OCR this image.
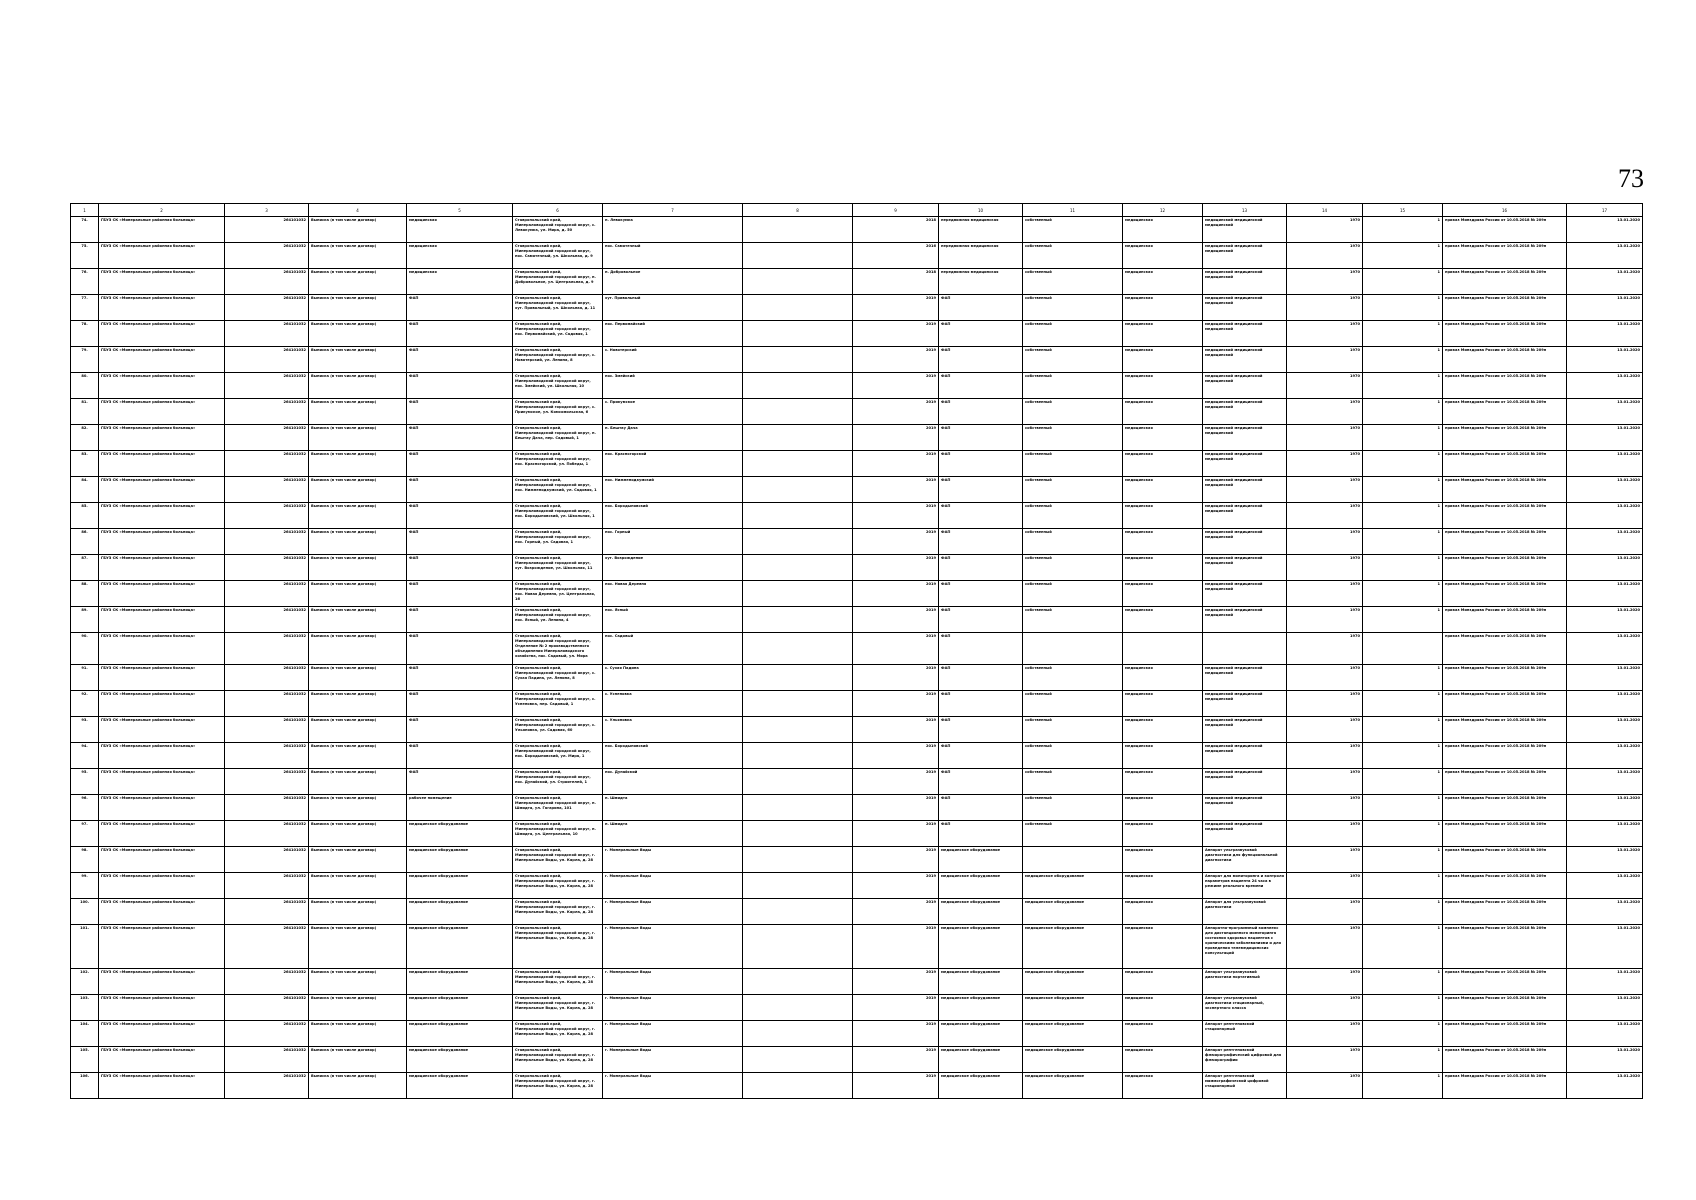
73
1	2	3	4	5	6	7	8	9	10	11	12	13	14	15	16	17
74.	ГБУЗ СК «Минеральные районная больница»	264101032	Выписка (в том числе договор)	медицинская	Ставропольский край, Минераловодский городской округ, с. Левокумка, ул. Мира, д. 50	п. Левокумка		2018	передвижная медицинская	собственный	медицинская	медицинский медицинский медицинский	1970	1	приказ Минздрава России от 10.05.2018 № 209н	13.01.2020
75.	ГБУЗ СК «Минеральные районная больница»	264101032	Выписка (в том числе договор)	медицинская	Ставропольский край, Минераловодский городской округ, пос. Самотечный, ул. Школьная, д. 9	пос. Самотечный		2016	передвижная медицинская	собственный	медицинская	медицинский медицинский медицинский	1970	1	приказ Минздрава России от 10.05.2018 № 209н	13.01.2020
76.	ГБУЗ СК «Минеральные районная больница»	264101032	Выписка (в том числе договор)	медицинская	Ставропольский край, Минераловодский городской округ, п. Добровольное, ул. Центральная, д. 9	п. Добровольное		2018	передвижная медицинская	собственный	медицинская	медицинский медицинский медицинский	1970	1	приказ Минздрава России от 10.05.2018 № 209н	13.01.2020
77.	ГБУЗ СК «Минеральные районная больница»	264101032	Выписка (в том числе договор)	ФАП	Ставропольский край, Минераловодский городской округ, хут. Привольный, ул. Школьная, д. 11	хут. Привольный		2019	ФАП	собственный	медицинская	медицинский медицинский медицинский	1970	1	приказ Минздрава России от 10.05.2018 № 209н	13.01.2020
78.	ГБУЗ СК «Минеральные районная больница»	264101032	Выписка (в том числе договор)	ФАП	Ставропольский край, Минераловодский городской округ, пос. Первомайский, ул. Садовая, 1	пос. Первомайский		2019	ФАП	собственный	медицинская	медицинский медицинский медицинский	1970	1	приказ Минздрава России от 10.05.2018 № 209н	13.01.2020
79.	ГБУЗ СК «Минеральные районная больница»	264101032	Выписка (в том числе договор)	ФАП	Ставропольский край, Минераловодский городской округ, с. Новотерский, ул. Ленина, 8	с. Новотерский		2019	ФАП	собственный	медицинская	медицинский медицинский медицинский	1970	1	приказ Минздрава России от 10.05.2018 № 209н	13.01.2020
80.	ГБУЗ СК «Минеральные районная больница»	264101032	Выписка (в том числе договор)	ФАП	Ставропольский край, Минераловодский городской округ, пос. Змейский, ул. Школьная, 10	пос. Змейский		2019	ФАП	собственный	медицинская	медицинский медицинский медицинский	1970	1	приказ Минздрава России от 10.05.2018 № 209н	13.01.2020
81.	ГБУЗ СК «Минеральные районная больница»	264101032	Выписка (в том числе договор)	ФАП	Ставропольский край, Минераловодский городской округ, с. Прикумское, ул. Комсомольская, 6	с. Прикумское		2019	ФАП	собственный	медицинская	медицинский медицинский медицинский	1970	1	приказ Минздрава России от 10.05.2018 № 209н	13.01.2020
82.	ГБУЗ СК «Минеральные районная больница»	264101032	Выписка (в том числе договор)	ФАП	Ставропольский край, Минераловодский городской округ, п. Бештау Дача, пер. Садовый, 1	п. Бештау Дача		2019	ФАП	собственный	медицинская	медицинский медицинский медицинский	1970	1	приказ Минздрава России от 10.05.2018 № 209н	13.01.2020
83.	ГБУЗ СК «Минеральные районная больница»	264101032	Выписка (в том числе договор)	ФАП	Ставропольский край, Минераловодский городской округ, пос. Красногорский, ул. Победы, 1	пос. Красногорский		2019	ФАП	собственный	медицинская	медицинский медицинский медицинский	1970	1	приказ Минздрава России от 10.05.2018 № 209н	13.01.2020
84.	ГБУЗ СК «Минеральные районная больница»	264101032	Выписка (в том числе договор)	ФАП	Ставропольский край, Минераловодский городской округ, пос. Нижнеподкумский, ул. Садовая, 1	пос. Нижнеподкумский		2019	ФАП	собственный	медицинская	медицинский медицинский медицинский	1970	1	приказ Минздрава России от 10.05.2018 № 209н	13.01.2020
85.	ГБУЗ СК «Минеральные районная больница»	264101032	Выписка (в том числе договор)	ФАП	Ставропольский край, Минераловодский городской округ, пос. Бородыновский, ул. Школьная, 1	пос. Бородыновский		2019	ФАП	собственный	медицинская	медицинский медицинский медицинский	1970	1	приказ Минздрава России от 10.05.2018 № 209н	13.01.2020
86.	ГБУЗ СК «Минеральные районная больница»	264101032	Выписка (в том числе договор)	ФАП	Ставропольский край, Минераловодский городской округ, пос. Горный, ул. Садовая, 1	пос. Горный		2019	ФАП	собственный	медицинская	медицинский медицинский медицинский	1970	1	приказ Минздрава России от 10.05.2018 № 209н	13.01.2020
87.	ГБУЗ СК «Минеральные районная больница»	264101032	Выписка (в том числе договор)	ФАП	Ставропольский край, Минераловодский городской округ, хут. Возрождение, ул. Школьная, 11	хут. Возрождение		2019	ФАП	собственный	медицинская	медицинский медицинский медицинский	1970	1	приказ Минздрава России от 10.05.2018 № 209н	13.01.2020
88.	ГБУЗ СК «Минеральные районная больница»	264101032	Выписка (в том числе договор)	ФАП	Ставропольский край, Минераловодский городской округ, пос. Новая Деревня, ул. Центральная, 16	пос. Новая Деревня		2019	ФАП	собственный	медицинская	медицинский медицинский медицинский	1970	1	приказ Минздрава России от 10.05.2018 № 209н	13.01.2020
89.	ГБУЗ СК «Минеральные районная больница»	264101032	Выписка (в том числе договор)	ФАП	Ставропольский край, Минераловодский городской округ, пос. Ясный, ул. Ленина, 4	пос. Ясный		2019	ФАП	собственный	медицинская	медицинский медицинский медицинский	1970	1	приказ Минздрава России от 10.05.2018 № 209н	13.01.2020
90.	ГБУЗ СК «Минеральные районная больница»	264101032	Выписка (в том числе договор)	ФАП	Ставропольский край, Минераловодский городской округ, Отделение № 2 производственного объединения Минераловодского хозяйства, пос. Садовый, ул. Мира	пос. Садовый		2019	ФАП				1970		приказ Минздрава России от 10.05.2018 № 209н	13.01.2020
91.	ГБУЗ СК «Минеральные районная больница»	264101032	Выписка (в том числе договор)	ФАП	Ставропольский край, Минераловодский городской округ, с. Сухая Падина, ул. Ленина, 8	с. Сухая Падина		2019	ФАП	собственный	медицинская	медицинский медицинский медицинский	1970	1	приказ Минздрава России от 10.05.2018 № 209н	13.01.2020
92.	ГБУЗ СК «Минеральные районная больница»	264101032	Выписка (в том числе договор)	ФАП	Ставропольский край, Минераловодский городской округ, с. Успеновка, пер. Садовый, 1	с. Успеновка		2019	ФАП	собственный	медицинская	медицинский медицинский медицинский	1970	1	приказ Минздрава России от 10.05.2018 № 209н	13.01.2020
93.	ГБУЗ СК «Минеральные районная больница»	264101032	Выписка (в том числе договор)	ФАП	Ставропольский край, Минераловодский городской округ, с. Ульяновка, ул. Садовая, 60	с. Ульяновка		2019	ФАП	собственный	медицинская	медицинский медицинский медицинский	1970	1	приказ Минздрава России от 10.05.2018 № 209н	13.01.2020
94.	ГБУЗ СК «Минеральные районная больница»	264101032	Выписка (в том числе договор)	ФАП	Ставропольский край, Минераловодский городской округ, пос. Бородыновский, ул. Мира, 1	пос. Бородыновский		2019	ФАП	собственный	медицинская	медицинский медицинский медицинский	1970	1	приказ Минздрава России от 10.05.2018 № 209н	13.01.2020
95.	ГБУЗ СК «Минеральные районная больница»	264101032	Выписка (в том числе договор)	ФАП	Ставропольский край, Минераловодский городской округ, пос. Дунайский, ул. Строителей, 1	пос. Дунайский		2019	ФАП	собственный	медицинская	медицинский медицинский медицинский	1970	1	приказ Минздрава России от 10.05.2018 № 209н	13.01.2020
96.	ГБУЗ СК «Минеральные районная больница»	264101032	Выписка (в том числе договор)	рабочее помещение	Ставропольский край, Минераловодский городской округ, п. Шмидта, ул. Гагарина, 101	п. Шмидта		2019	ФАП	собственный	медицинская	медицинский медицинский медицинский	1970	1	приказ Минздрава России от 10.05.2018 № 209н	13.01.2020
97.	ГБУЗ СК «Минеральные районная больница»	264101032	Выписка (в том числе договор)	медицинское оборудование	Ставропольский край, Минераловодский городской округ, п. Шмидта, ул. Центральная, 10	п. Шмидта		2019	ФАП	собственный	медицинская	медицинский медицинский медицинский	1970	1	приказ Минздрава России от 10.05.2018 № 209н	13.01.2020
98.	ГБУЗ СК «Минеральные районная больница»	264101032	Выписка (в том числе договор)	медицинское оборудование	Ставропольский край, Минераловодский городской округ, г. Минеральные Воды, ул. Карла, д. 28	г. Минеральные Воды		2019	медицинское оборудование		медицинская	Аппарат ультразвуковой диагностики для функциональной диагностики	1970	1	приказ Минздрава России от 10.05.2018 № 209н	13.01.2020
99.	ГБУЗ СК «Минеральные районная больница»	264101032	Выписка (в том числе договор)	медицинское оборудование	Ставропольский край, Минераловодский городской округ, г. Минеральные Воды, ул. Карла, д. 28	г. Минеральные Воды		2019	медицинское оборудование	медицинское оборудование	медицинская	Аппарат для мониторинга и контроля параметров пациента 24 часа в режиме реального времени	1970	1	приказ Минздрава России от 10.05.2018 № 209н	13.01.2020
100.	ГБУЗ СК «Минеральные районная больница»	264101032	Выписка (в том числе договор)	медицинское оборудование	Ставропольский край, Минераловодский городской округ, г. Минеральные Воды, ул. Карла, д. 28	г. Минеральные Воды		2019	медицинское оборудование	медицинское оборудование	медицинская	Аппарат для ультразвуковой диагностики	1970	1	приказ Минздрава России от 10.05.2018 № 209н	13.01.2020
101.	ГБУЗ СК «Минеральные районная больница»	264101032	Выписка (в том числе договор)	медицинское оборудование	Ставропольский край, Минераловодский городской округ, г. Минеральные Воды, ул. Карла, д. 28	г. Минеральные Воды		2019	медицинское оборудование	медицинское оборудование	медицинская	Аппаратно-программный комплекс для дистанционного мониторинга состояния здоровья пациентов с хроническими заболеваниями и для проведения телемедицинских консультаций	1970	1	приказ Минздрава России от 10.05.2018 № 209н	13.01.2020
102.	ГБУЗ СК «Минеральные районная больница»	264101032	Выписка (в том числе договор)	медицинское оборудование	Ставропольский край, Минераловодский городской округ, г. Минеральные Воды, ул. Карла, д. 28	г. Минеральные Воды		2019	медицинское оборудование	медицинское оборудование	медицинская	Аппарат ультразвуковой диагностики портативный	1970	1	приказ Минздрава России от 10.05.2018 № 209н	13.01.2020
103.	ГБУЗ СК «Минеральные районная больница»	264101032	Выписка (в том числе договор)	медицинское оборудование	Ставропольский край, Минераловодский городской округ, г. Минеральные Воды, ул. Карла, д. 28	г. Минеральные Воды		2019	медицинское оборудование	медицинское оборудование	медицинская	Аппарат ультразвуковой диагностики стационарный, экспертного класса	1970	1	приказ Минздрава России от 10.05.2018 № 209н	13.01.2020
104.	ГБУЗ СК «Минеральные районная больница»	264101032	Выписка (в том числе договор)	медицинское оборудование	Ставропольский край, Минераловодский городской округ, г. Минеральные Воды, ул. Карла, д. 28	г. Минеральные Воды		2019	медицинское оборудование	медицинское оборудование	медицинская	Аппарат рентгеновский стационарный	1970	1	приказ Минздрава России от 10.05.2018 № 209н	13.01.2020
105.	ГБУЗ СК «Минеральные районная больница»	264101032	Выписка (в том числе договор)	медицинское оборудование	Ставропольский край, Минераловодский городской округ, г. Минеральные Воды, ул. Карла, д. 28	г. Минеральные Воды		2019	медицинское оборудование	медицинское оборудование	медицинская	Аппарат рентгеновский флюорографический цифровой для флюорографии	1970	1	приказ Минздрава России от 10.05.2018 № 209н	13.01.2020
106.	ГБУЗ СК «Минеральные районная больница»	264101032	Выписка (в том числе договор)	медицинское оборудование	Ставропольский край, Минераловодский городской округ, г. Минеральные Воды, ул. Карла, д. 28	г. Минеральные Воды		2019	медицинское оборудование	медицинское оборудование	медицинская	Аппарат рентгеновский маммографический цифровой стационарный	1970	1	приказ Минздрава России от 10.05.2018 № 209н	13.01.2020
